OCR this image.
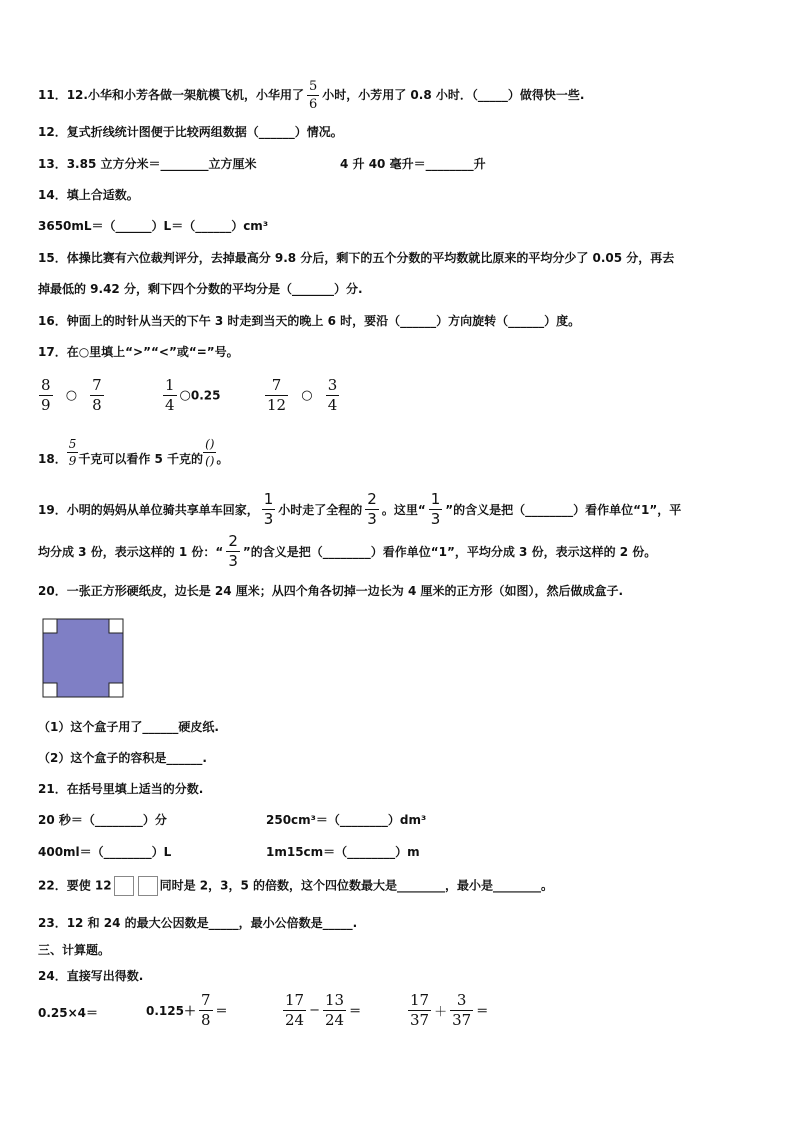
11．12.小华和小芳各做一架航模飞机，小华用了 $\frac{5}{6}$ 小时，小芳用了 0.8 小时．（_____）做得快一些.
12．复式折线统计图便于比较两组数据（______）情况。
13．3.85 立方分米＝________立方厘米	4 升 40 毫升＝________升
14．填上合适数。
3650mL＝（______）L＝（______）cm³
15．体操比赛有六位裁判评分，去掉最高分 9.8 分后，剩下的五个分数的平均数就比原来的平均分少了 0.05 分，再去
掉最低的 9.42 分，剩下四个分数的平均分是（_______）分.
16．钟面上的时针从当天的下午 3 时走到当天的晚上 6 时，要沿（______）方向旋转（______）度。
17．在○里填上“>”“<”或“=”号。
$\frac{8}{9}$ ○ $\frac{7}{8}$	$\frac{1}{4}$ ○0.25	$\frac{7}{12}$ ○ $\frac{3}{4}$
18． $\frac{5}{9}$ 千克可以看作 5 千克的 $\frac{()}{()}$ 。
19．小明的妈妈从单位骑共享单车回家， $\frac{1}{3}$ 小时走了全程的 $\frac{2}{3}$ 。这里“ $\frac{1}{3}$ ”的含义是把（________）看作单位“1”，平
均分成 3 份，表示这样的 1 份：“ $\frac{2}{3}$ ”的含义是把（________）看作单位“1”，平均分成 3 份，表示这样的 2 份。
20．一张正方形硬纸皮，边长是 24 厘米；从四个角各切掉一边长为 4 厘米的正方形（如图），然后做成盒子.
（1）这个盒子用了______硬皮纸.
（2）这个盒子的容积是______.
21．在括号里填上适当的分数.
20 秒＝（________）分	250cm³＝（________）dm³
400ml＝（________）L	1m15cm＝（________）m
22．要使 12	同时是 2，3，5 的倍数，这个四位数最大是________，最小是________。
23．12 和 24 的最大公因数是_____，最小公倍数是_____.
三、计算题。
24．直接写出得数.
0.25×4＝	$0.125+ \frac{7}{8}$ ＝	$\frac{17}{24} - \frac{13}{24}$ ＝	$\frac{17}{37} + \frac{3}{37}$ ＝
